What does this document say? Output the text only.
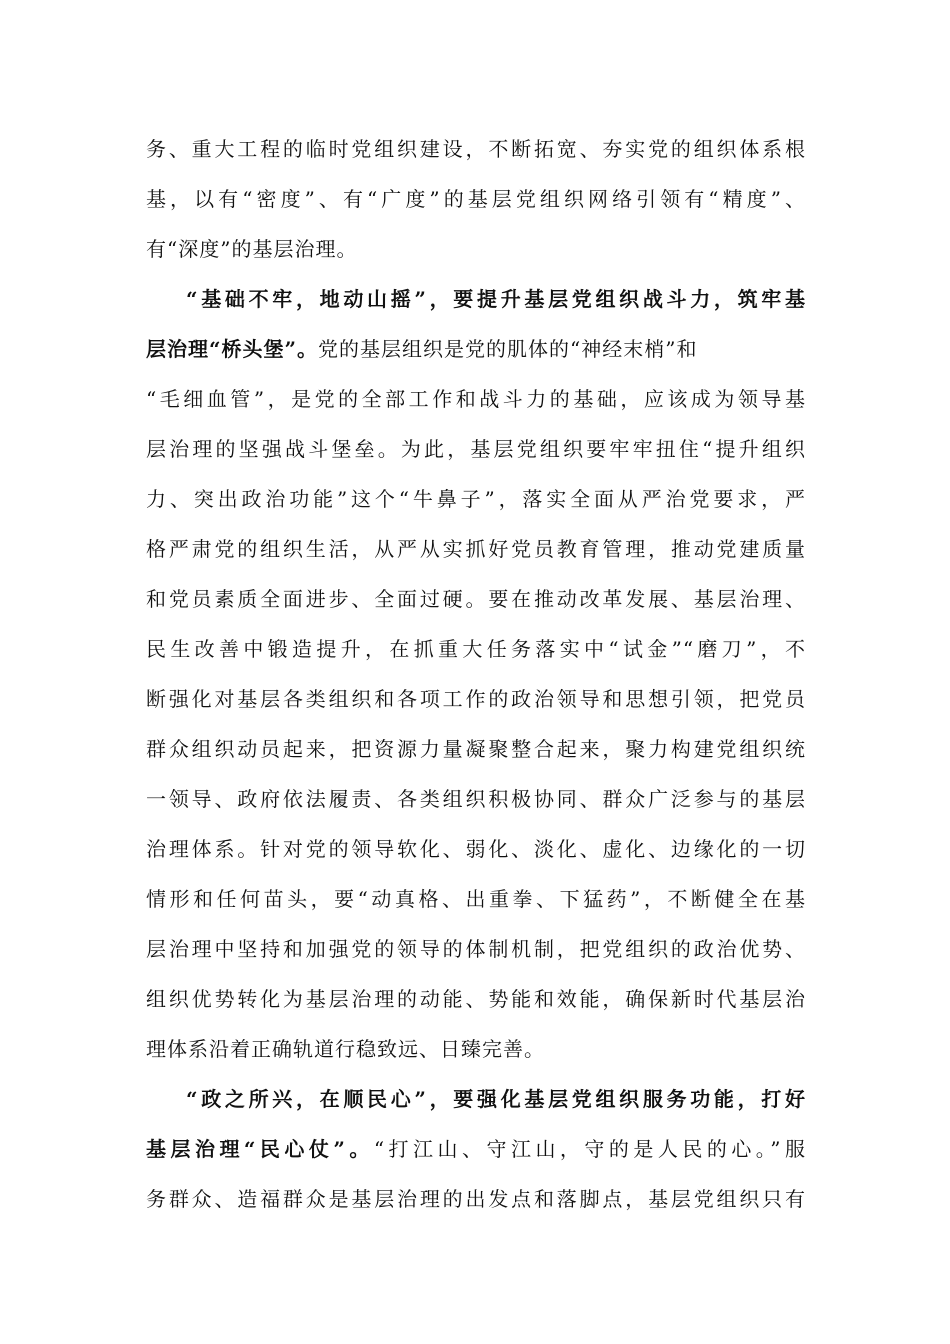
务、重大工程的临时党组织建设，不断拓宽、夯实党的组织体系根
基，以有“密度”、有“广度”的基层党组织网络引领有“精度”、
有“深度”的基层治理。
“基础不牢，地动山摇”，要提升基层党组织战斗力，筑牢基
层治理“桥头堡”。党的基层组织是党的肌体的“神经末梢”和
“毛细血管”，是党的全部工作和战斗力的基础，应该成为领导基
层治理的坚强战斗堡垒。为此，基层党组织要牢牢扭住“提升组织
力、突出政治功能”这个“牛鼻子”，落实全面从严治党要求，严
格严肃党的组织生活，从严从实抓好党员教育管理，推动党建质量
和党员素质全面进步、全面过硬。要在推动改革发展、基层治理、
民生改善中锻造提升，在抓重大任务落实中“试金”“磨刀”，不
断强化对基层各类组织和各项工作的政治领导和思想引领，把党员
群众组织动员起来，把资源力量凝聚整合起来，聚力构建党组织统
一领导、政府依法履责、各类组织积极协同、群众广泛参与的基层
治理体系。针对党的领导软化、弱化、淡化、虚化、边缘化的一切
情形和任何苗头，要“动真格、出重拳、下猛药”，不断健全在基
层治理中坚持和加强党的领导的体制机制，把党组织的政治优势、
组织优势转化为基层治理的动能、势能和效能，确保新时代基层治
理体系沿着正确轨道行稳致远、日臻完善。
“政之所兴，在顺民心”，要强化基层党组织服务功能，打好
基层治理“民心仗”。“打江山、守江山，守的是人民的心。”服
务群众、造福群众是基层治理的出发点和落脚点，基层党组织只有
